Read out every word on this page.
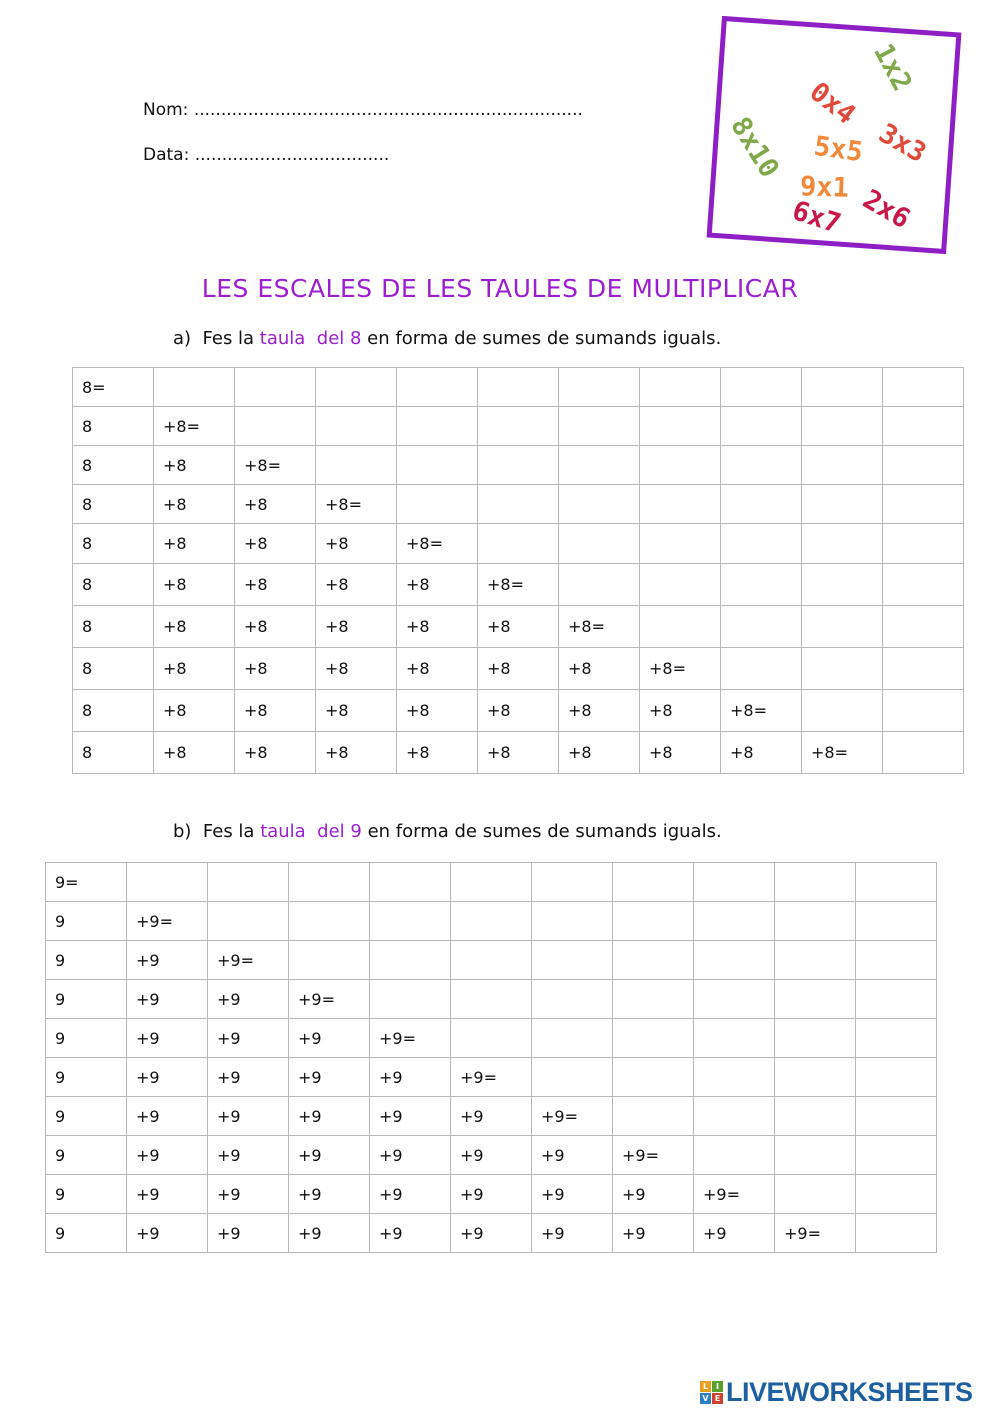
Nom: ........................................................................
Data: ....................................
1x2
0x4
3x3
8x10 5x5
9x1 2x6
6x7
LES ESCALES DE LES TAULES DE MULTIPLICAR
a)  Fes la taula  del 8 en forma de sumes de sumands iguals.
8=										
8	+8=									
8	+8	+8=								
8	+8	+8	+8=							
8	+8	+8	+8	+8=						
8	+8	+8	+8	+8	+8=					
8	+8	+8	+8	+8	+8	+8=				
8	+8	+8	+8	+8	+8	+8	+8=			
8	+8	+8	+8	+8	+8	+8	+8	+8=		
8	+8	+8	+8	+8	+8	+8	+8	+8	+8=	
b)  Fes la taula  del 9 en forma de sumes de sumands iguals.
9=										
9	+9=									
9	+9	+9=								
9	+9	+9	+9=							
9	+9	+9	+9	+9=						
9	+9	+9	+9	+9	+9=					
9	+9	+9	+9	+9	+9	+9=				
9	+9	+9	+9	+9	+9	+9	+9=			
9	+9	+9	+9	+9	+9	+9	+9	+9=		
9	+9	+9	+9	+9	+9	+9	+9	+9	+9=	
L I
V E LIVEWORKSHEETS
